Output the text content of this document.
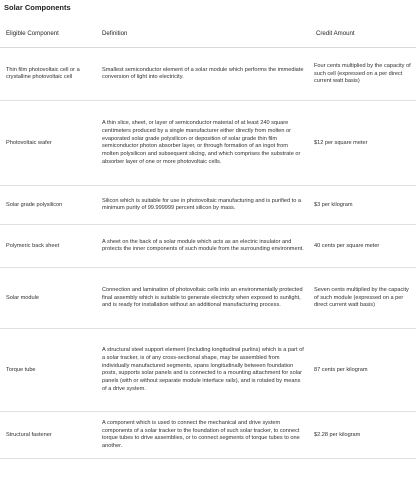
Solar Components
Eligible Component	Definition	Credit Amount
Thin film photovoltaic cell or a crystalline photovoltaic cell	Smallest semiconductor element of a solar module which performs the immediate conversion of light into electricity.	Four cents multiplied by the capacity of such cell (expressed on a per direct current watt basis)
Photovoltaic wafer	A thin slice, sheet, or layer of semiconductor material of at least 240 square centimeters produced by a single manufacturer either directly from molten or evaporated solar grade polysilicon or deposition of solar grade thin film semiconductor photon absorber layer, or through formation of an ingot from molten polysilicon and subsequent slicing, and which comprises the substrate or absorber layer of one or more photovoltaic cells.	$12 per square meter
Solar grade polysilicon	Silicon which is suitable for use in photovoltaic manufacturing and is purified to a minimum purity of 99.999999 percent silicon by mass.	$3 per kilogram
Polymeric back sheet	A sheet on the back of a solar module which acts as an electric insulator and protects the inner components of such module from the surrounding environment.	40 cents per square meter
Solar module	Connection and lamination of photovoltaic cells into an environmentally protected final assembly which is suitable to generate electricity when exposed to sunlight, and is ready for installation without an additional manufacturing process.	Seven cents multiplied by the capacity of such module (expressed on a per direct current watt basis)
Torque tube	A structural steel support element (including longitudinal purlins) which is a part of a solar tracker, is of any cross-sectional shape, may be assembled from individually manufactured segments, spans longitudinally between foundation posts, supports solar panels and is connected to a mounting attachment for solar panels (with or without separate module interface rails), and is rotated by means of a drive system.	87 cents per kilogram
Structural fastener	A component which is used to connect the mechanical and drive system components of a solar tracker to the foundation of such solar tracker, to connect torque tubes to drive assemblies, or to connect segments of torque tubes to one another.	$2.28 per kilogram
